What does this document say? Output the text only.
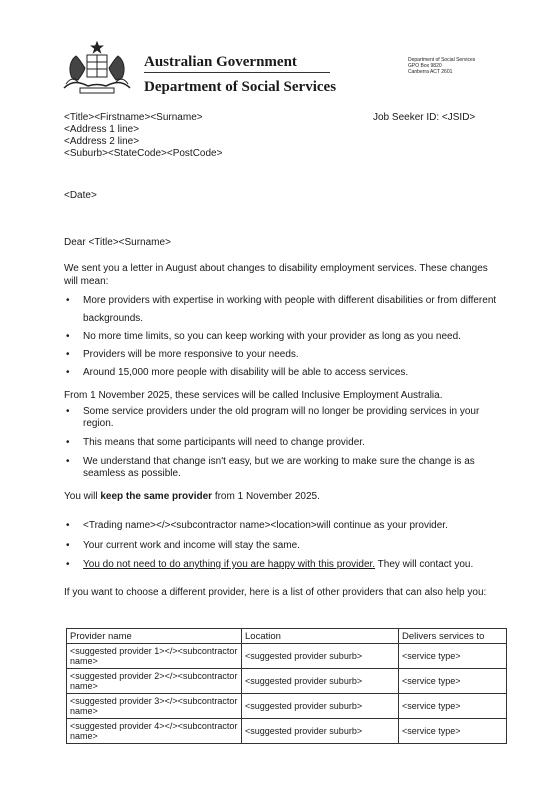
Australian Government
Department of Social Services
Department of Social Services
GPO Box 9820
Canberra ACT 2601
<Title><Firstname><Surname>
<Address 1 line>
<Address 2 line>
<Suburb><StateCode><PostCode>
Job Seeker ID: <JSID>
<Date>
Dear <Title><Surname>
We sent you a letter in August about changes to disability employment services. These changes will mean:
• More providers with expertise in working with people with different disabilities or from different backgrounds.
• No more time limits, so you can keep working with your provider as long as you need.
• Providers will be more responsive to your needs.
• Around 15,000 more people with disability will be able to access services.
From 1 November 2025, these services will be called Inclusive Employment Australia.
• Some service providers under the old program will no longer be providing services in your region.
• This means that some participants will need to change provider.
• We understand that change isn't easy, but we are working to make sure the change is as seamless as possible.
You will keep the same provider from 1 November 2025.
• <Trading name></><subcontractor name><location>will continue as your provider.
• Your current work and income will stay the same.
• You do not need to do anything if you are happy with this provider. They will contact you.
If you want to choose a different provider, here is a list of other providers that can also help you:
Provider name	Location	Delivers services to
<suggested provider 1></><subcontractor name>	<suggested provider suburb>	<service type>
<suggested provider 2></><subcontractor name>	<suggested provider suburb>	<service type>
<suggested provider 3></><subcontractor name>	<suggested provider suburb>	<service type>
<suggested provider 4></><subcontractor name>	<suggested provider suburb>	<service type>
